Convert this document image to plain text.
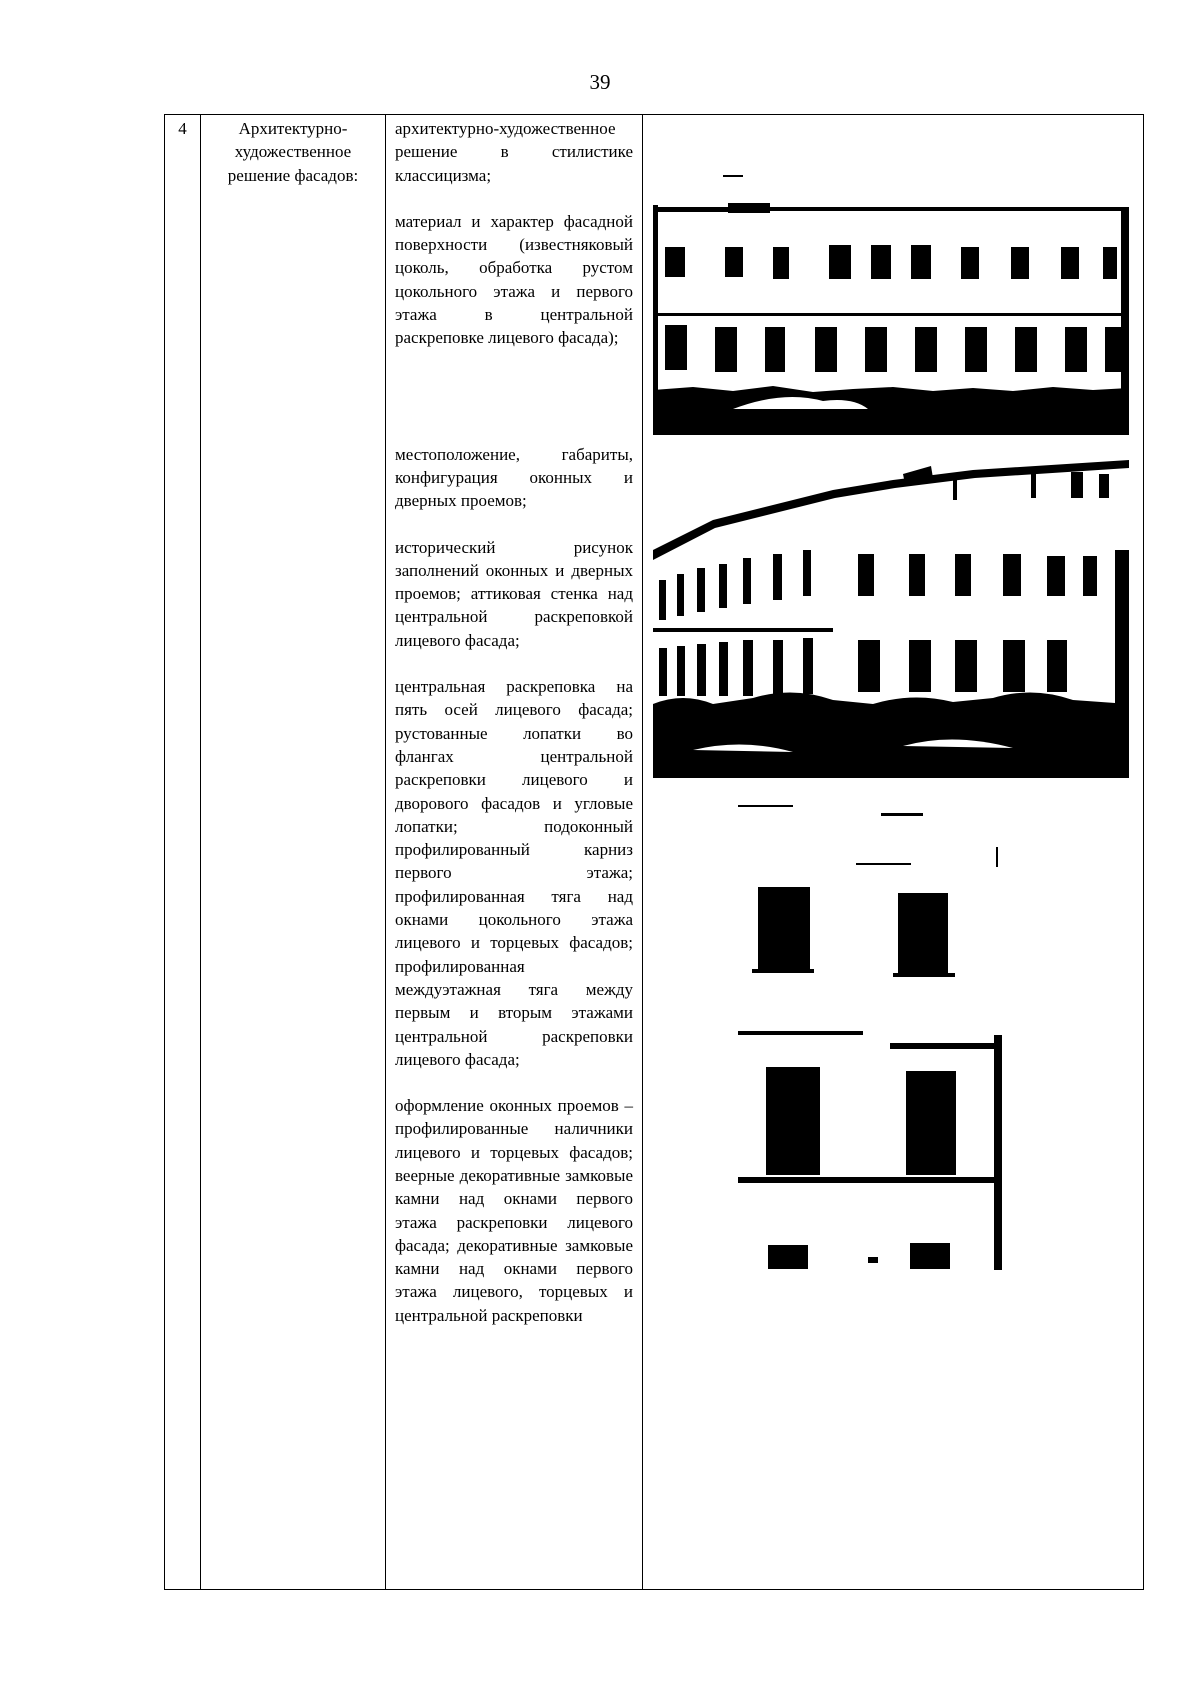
39
4	Архитектурно-художественное решение фасадов:	

архитектурно-художественное решение в стилистике классицизма;

материал и характер фасадной поверхности (известняковый цоколь, обработка рустом цокольного этажа и первого этажа в центральной раскреповке лицевого фасада);

местоположение, габариты, конфигурация оконных и дверных проемов;

исторический рисунок заполнений оконных и дверных проемов; аттиковая стенка над центральной раскреповкой лицевого фасада;

центральная раскреповка на пять осей лицевого фасада; рустованные лопатки во флангах центральной раскреповки лицевого и дворового фасадов и угловые лопатки; подоконный профилированный карниз первого этажа; профилированная тяга над окнами цокольного этажа лицевого и торцевых фасадов; профилированная междуэтажная тяга между первым и вторым этажами центральной раскреповки лицевого фасада;

оформление оконных проемов – профилированные наличники лицевого и торцевых фасадов; веерные декоративные замковые камни над окнами первого этажа раскреповки лицевого фасада; декоративные замковые камни над окнами первого этажа лицевого, торцевых и центральной раскреповки
